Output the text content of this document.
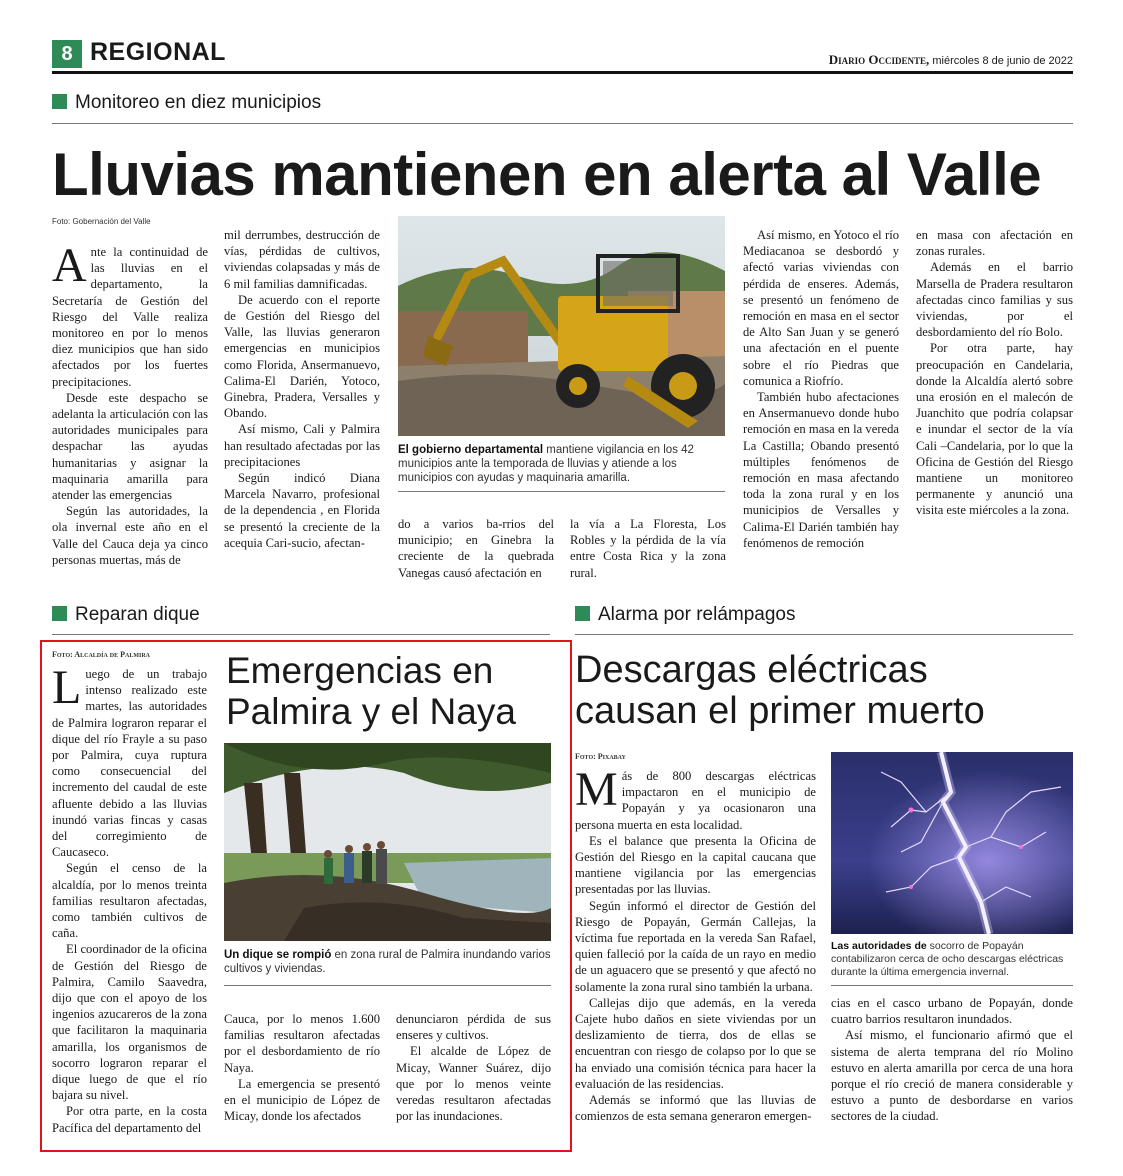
8 REGIONAL	Diario Occidente, miércoles 8 de junio de 2022
Monitoreo en diez municipios
Lluvias mantienen en alerta al Valle
Foto: Gobernación del Valle

Ante la continuidad de las lluvias en el departamento, la Secretaría de Gestión del Riesgo del Valle realiza monitoreo en por lo menos diez municipios que han sido afectados por los fuertes precipitaciones.

Desde este despacho se adelanta la articulación con las autoridades municipales para despachar las ayudas humanitarias y asignar la maquinaria amarilla para atender las emergencias

Según las autoridades, la ola invernal este año en el Valle del Cauca deja ya cinco personas muertas, más de

mil derrumbes, destrucción de vías, pérdidas de cultivos, viviendas colapsadas y más de 6 mil familias damnificadas.

De acuerdo con el reporte de Gestión del Riesgo del Valle, las lluvias generaron emergencias en municipios como Florida, Ansermanuevo, Calima-El Darién, Yotoco, Ginebra, Pradera, Versalles y Obando.

Así mismo, Cali y Palmira han resultado afectadas por las precipitaciones

Según indicó Diana Marcela Navarro, profesional de la dependencia , en Florida se presentó la creciente de la acequia Cari-sucio, afectan-

El gobierno departamental mantiene vigilancia en los 42 municipios ante la temporada de lluvias y atiende a los municipios con ayudas y maquinaria amarilla.

do a varios ba-rrios del municipio; en Ginebra la creciente de la quebrada Vanegas causó afectación en

la vía a La Floresta, Los Robles y la pérdida de la vía entre Costa Rica y la zona rural.

Así mismo, en Yotoco el río Mediacanoa se desbordó y afectó varias viviendas con pérdida de enseres. Además, se presentó un fenómeno de remoción en masa en el sector de Alto San Juan y se generó una afectación en el puente sobre el río Piedras que comunica a Riofrío.

También hubo afectaciones en Ansermanuevo donde hubo remoción en masa en la vereda La Castilla; Obando presentó múltiples fenómenos de remoción en masa afectando toda la zona rural y en los municipios de Versalles y Calima-El Darién también hay fenómenos de remoción

en masa con afectación en zonas rurales.

Además en el barrio Marsella de Pradera resultaron afectadas cinco familias y sus viviendas, por el desbordamiento del río Bolo.

Por otra parte, hay preocupación en Candelaria, donde la Alcaldía alertó sobre una erosión en el malecón de Juanchito que podría colapsar e inundar el sector de la vía Cali –Candelaria, por lo que la Oficina de Gestión del Riesgo mantiene un monitoreo permanente y anunció una visita este miércoles a la zona.

Reparan dique
Foto: Alcaldía de Palmira Emergencias en
Palmira y el Naya

Luego de un trabajo intenso realizado este martes, las autoridades de Palmira lograron reparar el dique del río Frayle a su paso por Palmira, cuya ruptura como consecuencial del incremento del caudal de este afluente debido a las lluvias inundó varias fincas y casas del corregimiento de Caucaseco.

Según el censo de la alcaldía, por lo menos treinta familias resultaron afectadas, como también cultivos de caña.

El coordinador de la oficina de Gestión del Riesgo de Palmira, Camilo Saavedra, dijo que con el apoyo de los ingenios azucareros de la zona que facilitaron la maquinaria amarilla, los organismos de socorro lograron reparar el dique luego de que el río bajara su nivel.

Por otra parte, en la costa Pacífica del departamento del

Un dique se rompió en zona rural de Palmira inundando varios cultivos y viviendas.

Cauca, por lo menos 1.600 familias resultaron afectadas por el desbordamiento de río Naya.

La emergencia se presentó en el municipio de López de Micay, donde los afectados

denunciaron pérdida de sus enseres y cultivos.

El alcalde de López de Micay, Wanner Suárez, dijo que por lo menos veinte veredas resultaron afectadas por las inundaciones.

Alarma por relámpagos
Descargas eléctricas
causan el primer muerto
Foto: Pixabay

Más de 800 descargas eléctricas impactaron en el municipio de Popayán y ya ocasionaron una persona muerta en esta localidad.

Es el balance que presenta la Oficina de Gestión del Riesgo en la capital caucana que mantiene vigilancia por las emergencias presentadas por las lluvias.

Según informó el director de Gestión del Riesgo de Popayán, Germán Callejas, la víctima fue reportada en la vereda San Rafael, quien falleció por la caída de un rayo en medio de un aguacero que se presentó y que afectó no solamente la zona rural sino también la urbana.

Callejas dijo que además, en la vereda Cajete hubo daños en siete viviendas por un deslizamiento de tierra, dos de ellas se encuentran con riesgo de colapso por lo que se ha enviado una comisión técnica para hacer la evaluación de las residencias.

Además se informó que las lluvias de comienzos de esta semana generaron emergen-

Las autoridades de socorro de Popayán contabilizaron cerca de ocho descargas eléctricas durante la última emergencia invernal.

cias en el casco urbano de Popayán, donde cuatro barrios resultaron inundados.

Así mismo, el funcionario afirmó que el sistema de alerta temprana del río Molino estuvo en alerta amarilla por cerca de una hora porque el río creció de manera considerable y estuvo a punto de desbordarse en varios sectores de la ciudad.
